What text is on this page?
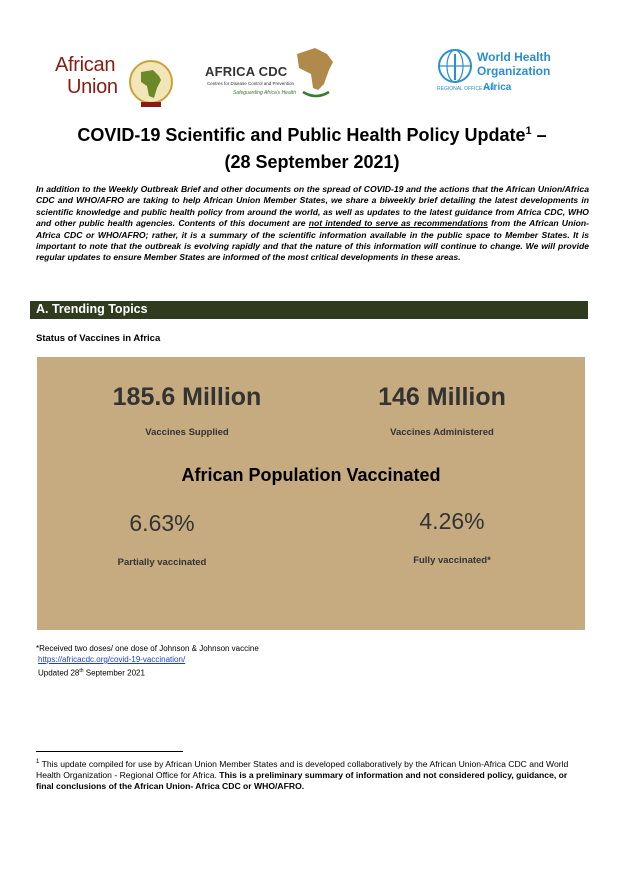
African
Union
AFRICA CDC
Centres for Disease Control and Prevention
Safeguarding Africa's Health
World Health
Organization
REGIONAL OFFICE FOR
Africa
COVID-19 Scientific and Public Health Policy Update$^1$ –
(28 September 2021)
In addition to the Weekly Outbreak Brief and other documents on the spread of COVID-19 and the actions that the African Union/Africa CDC and WHO/AFRO are taking to help African Union Member States, we share a biweekly brief detailing the latest developments in scientific knowledge and public health policy from around the world, as well as updates to the latest guidance from Africa CDC, WHO and other public health agencies. Contents of this document are not intended to serve as recommendations from the African Union-Africa CDC or WHO/AFRO; rather, it is a summary of the scientific information available in the public space to Member States. It is important to note that the outbreak is evolving rapidly and that the nature of this information will continue to change. We will provide regular updates to ensure Member States are informed of the most critical developments in these areas.
A. Trending Topics
Status of Vaccines in Africa
185.6 Million
Vaccines Supplied
146 Million
Vaccines Administered
African Population Vaccinated
6.63%
Partially vaccinated
4.26%
Fully vaccinated*
*Received two doses/ one dose of Johnson & Johnson vaccine
https://africacdc.org/covid-19-vaccination/
Updated 28th September 2021
$^1$ This update compiled for use by African Union Member States and is developed collaboratively by the African Union-Africa CDC and World Health Organization - Regional Office for Africa. This is a preliminary summary of information and not considered policy, guidance, or final conclusions of the African Union- Africa CDC or WHO/AFRO.
